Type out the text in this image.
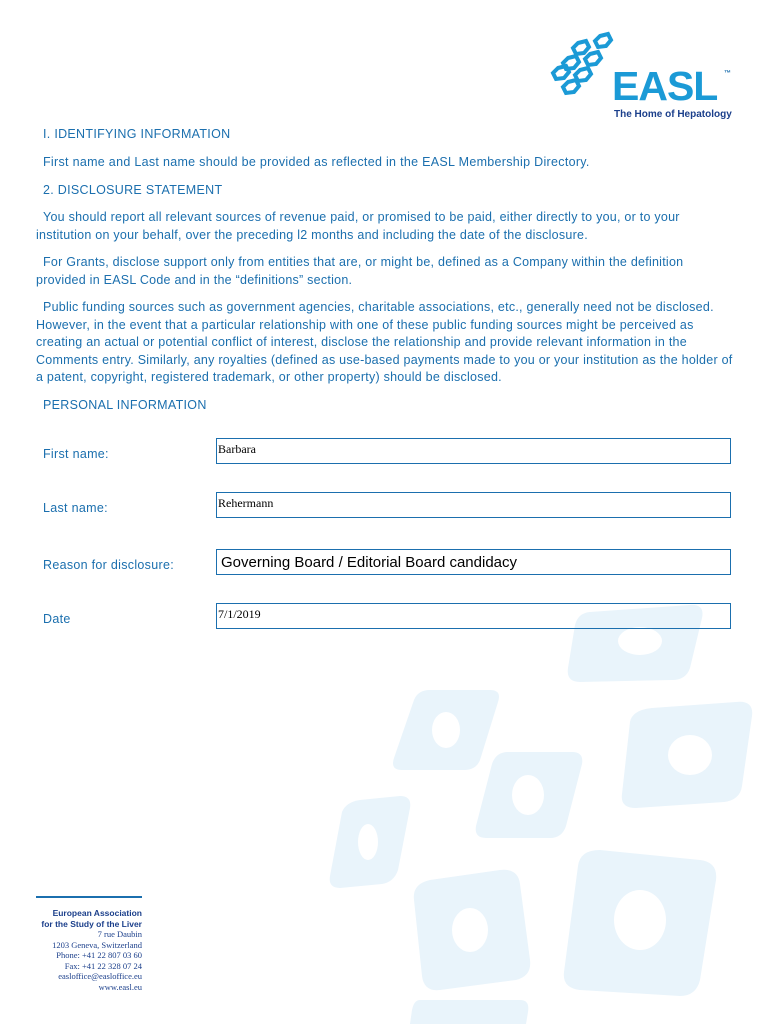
EASL ™
The Home of Hepatology
I. IDENTIFYING INFORMATION

First name and Last name should be provided as reflected in the EASL Membership Directory.

2. DISCLOSURE STATEMENT

You should report all relevant sources of revenue paid, or promised to be paid, either directly to you, or to your institution on your behalf, over the preceding l2 months and including the date of the disclosure.

For Grants, disclose support only from entities that are, or might be, defined as a Company within the definition provided in EASL Code and in the “definitions” section.

Public funding sources such as government agencies, charitable associations, etc., generally need not be disclosed. However, in the event that a particular relationship with one of these public funding sources might be perceived as creating an actual or potential conflict of interest, disclose the relationship and provide relevant information in the Comments entry. Similarly, any royalties (defined as use-based payments made to you or your institution as the holder of a patent, copyright, registered trademark, or other property) should be disclosed.

PERSONAL INFORMATION
First name:	Barbara
Last name:	Rehermann
Reason for disclosure:	Governing Board / Editorial Board candidacy
Date	7/1/2019
European Association
for the Study of the Liver
7 rue Daubin
1203 Geneva, Switzerland
Phone: +41 22 807 03 60
Fax: +41 22 328 07 24
easloffice@easloffice.eu
www.easl.eu
